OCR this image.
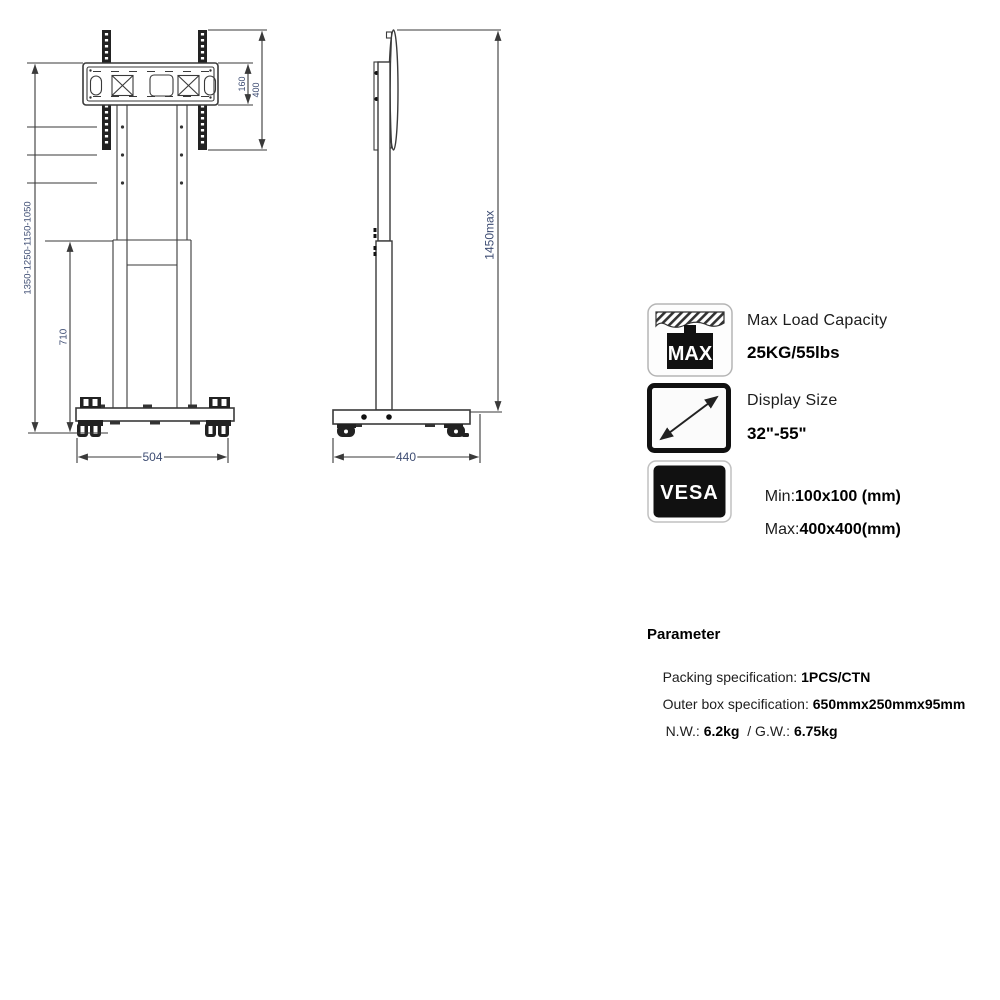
1350-1250-1150-1050
710
504
160 400
1450max
440
MAX
Max Load Capacity
25KG/55lbs
Display Size
32"-55"
VESA	Min:100x100 (mm)

Max:400x400(mm)

Parameter

Packing specification: 1PCS/CTN

Outer box specification: 650mmx250mmx95mm

N.W.: 6.2kg  / G.W.: 6.75kg
